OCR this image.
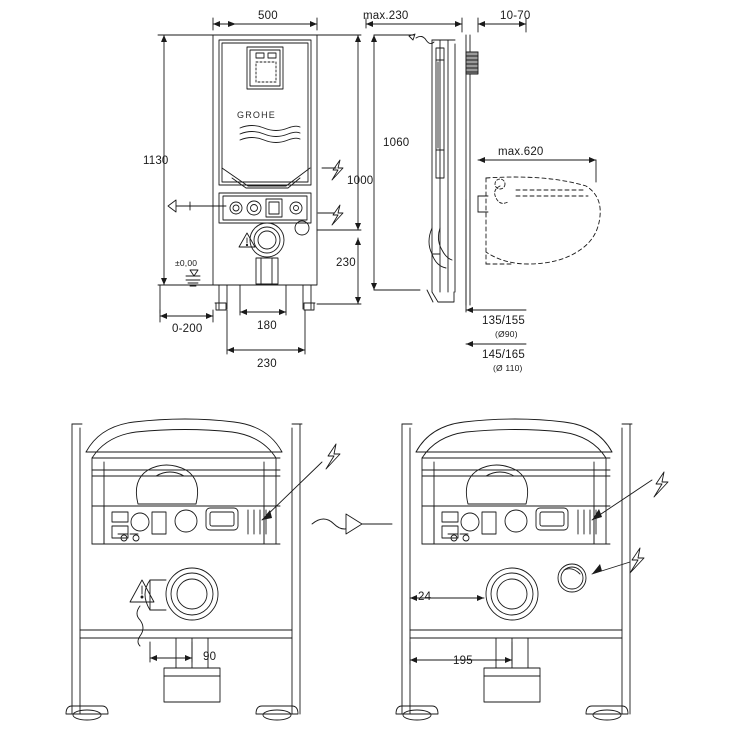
GROHE
500	max.230	10-70
1130
1060
1000
max.620
230
±0,00
0-200	180
230
135/155
(Ø90)
145/165
(Ø 110)
90
24
195
